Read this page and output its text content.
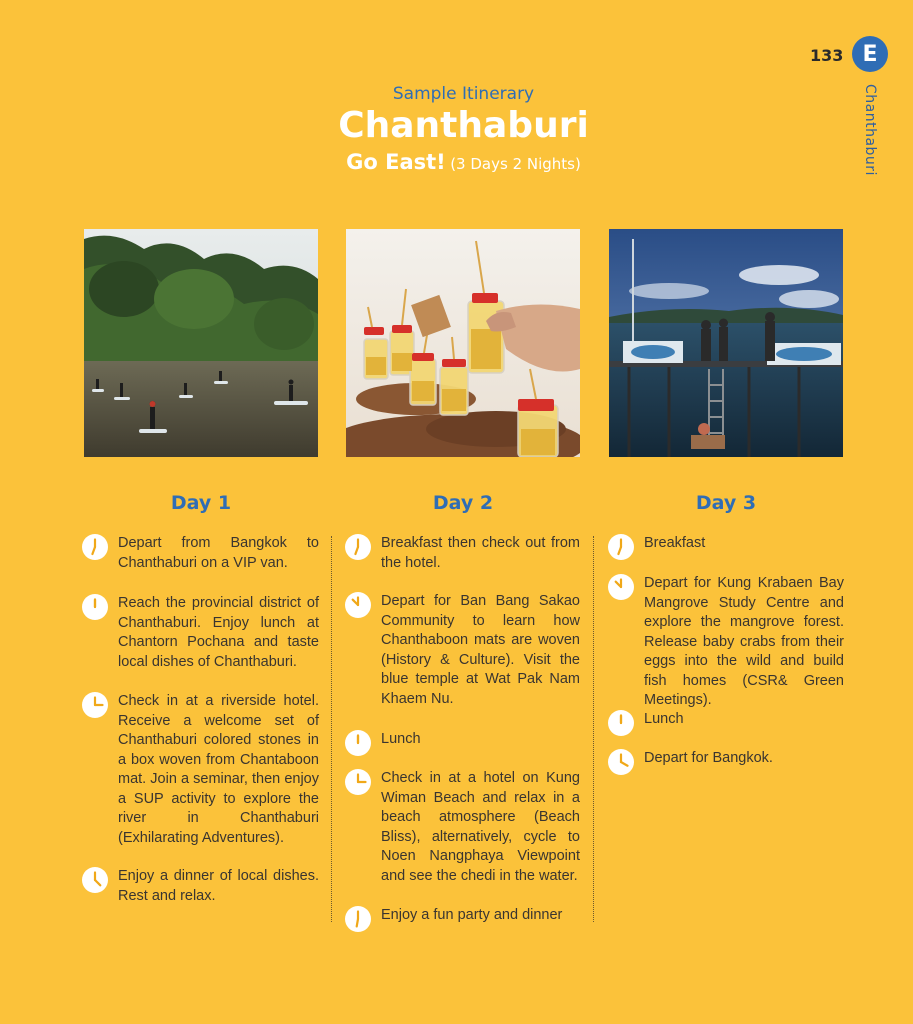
133 E
Chanthaburi
Sample Itinerary
Chanthaburi
Go East! (3 Days 2 Nights)
Day 1	Day 2	Day 3
Depart from Bangkok to Chanthaburi on a VIP van.
Reach the provincial district of Chanthaburi. Enjoy lunch at Chantorn Pochana and taste local dishes of Chanthaburi.
Check in at a riverside hotel. Receive a welcome set of Chanthaburi colored stones in a box woven from Chantaboon mat. Join a seminar, then enjoy a SUP activity to explore the river in Chanthaburi (Exhilarating Adventures).
Enjoy a dinner of local dishes. Rest and relax.
Breakfast then check out from the hotel.
Depart for Ban Bang Sakao Community to learn how Chanthaboon mats are woven (History & Culture). Visit the blue temple at Wat Pak Nam Khaem Nu.
Lunch
Check in at a hotel on Kung Wiman Beach and relax in a beach atmosphere (Beach Bliss), alternatively, cycle to Noen Nangphaya Viewpoint and see the chedi in the water.
Enjoy a fun party and dinner
Breakfast
Depart for Kung Krabaen Bay Mangrove Study Centre and explore the mangrove forest. Release baby crabs from their eggs into the wild and build fish homes (CSR& Green Meetings).
Lunch
Depart for Bangkok.
